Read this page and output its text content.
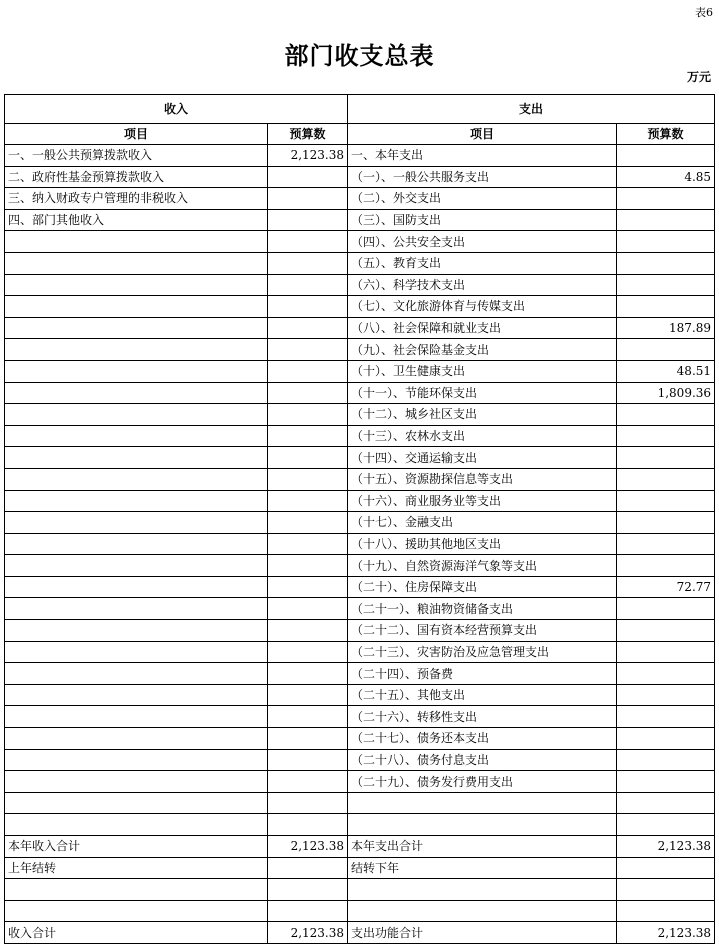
表6
部门收支总表
万元
收入		支出	
项目	预算数	项目	预算数
一、一般公共预算拨款收入	2,123.38	一、本年支出	
二、政府性基金预算拨款收入		（一）、一般公共服务支出	4.85
三、纳入财政专户管理的非税收入		（二）、外交支出	
四、部门其他收入		（三）、国防支出	
		（四）、公共安全支出	
		（五）、教育支出	
		（六）、科学技术支出	
		（七）、文化旅游体育与传媒支出	
		（八）、社会保障和就业支出	187.89
		（九）、社会保险基金支出	
		（十）、卫生健康支出	48.51
		（十一）、节能环保支出	1,809.36
		（十二）、城乡社区支出	
		（十三）、农林水支出	
		（十四）、交通运输支出	
		（十五）、资源勘探信息等支出	
		（十六）、商业服务业等支出	
		（十七）、金融支出	
		（十八）、援助其他地区支出	
		（十九）、自然资源海洋气象等支出	
		（二十）、住房保障支出	72.77
		（二十一）、粮油物资储备支出	
		（二十二）、国有资本经营预算支出	
		（二十三）、灾害防治及应急管理支出	
		（二十四）、预备费	
		（二十五）、其他支出	
		（二十六）、转移性支出	
		（二十七）、债务还本支出	
		（二十八）、债务付息支出	
		（二十九）、债务发行费用支出	

本年收入合计	2,123.38	本年支出合计	2,123.38
上年结转		结转下年	

收入合计	2,123.38	支出功能合计	2,123.38
